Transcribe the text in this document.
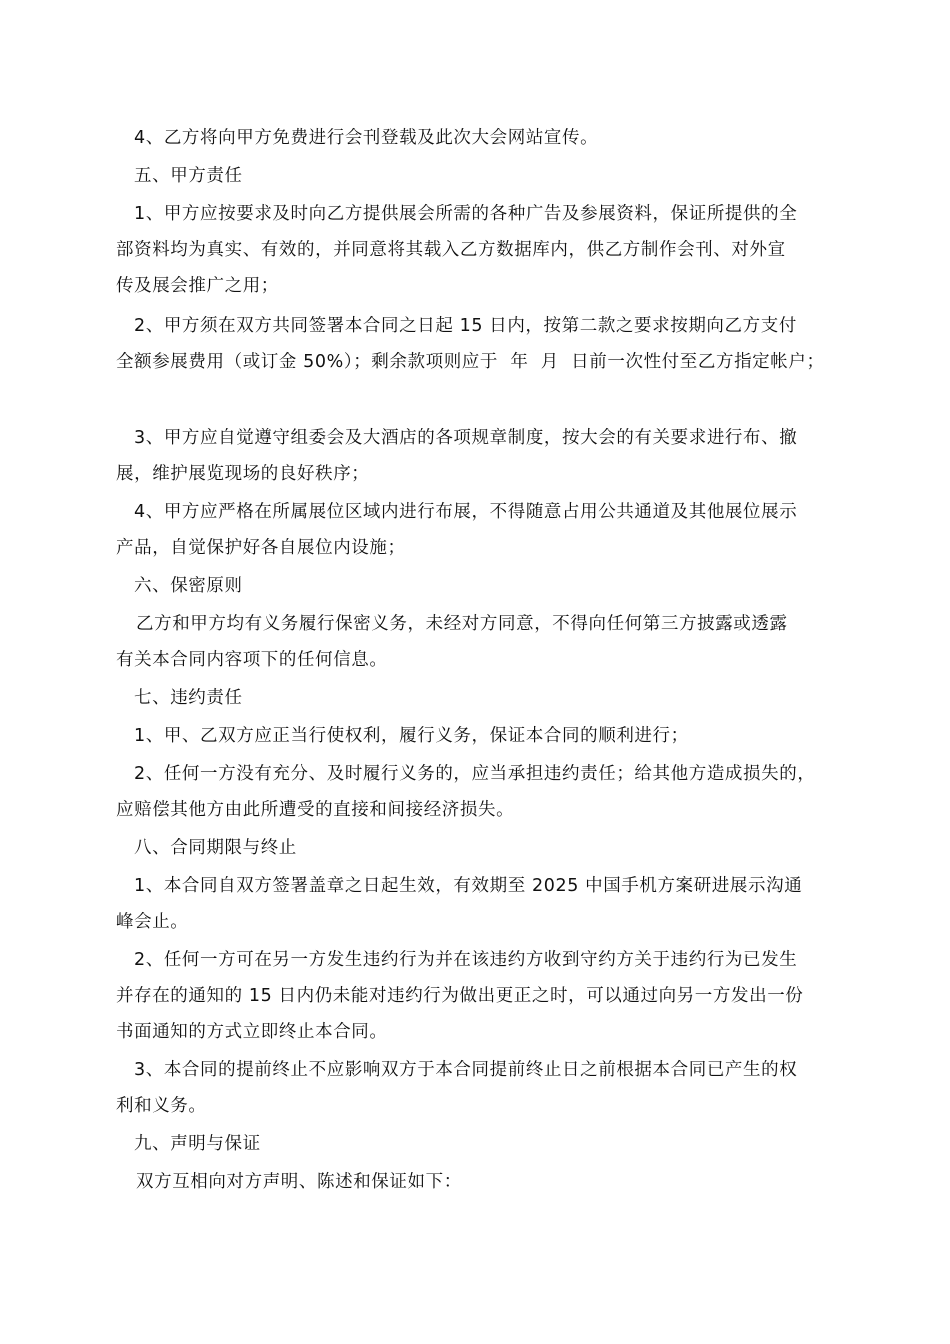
4、乙方将向甲方免费进行会刊登载及此次大会网站宣传。
五、甲方责任
1、甲方应按要求及时向乙方提供展会所需的各种广告及参展资料，保证所提供的全
部资料均为真实、有效的，并同意将其载入乙方数据库内，供乙方制作会刊、对外宣
传及展会推广之用；
2、甲方须在双方共同签署本合同之日起 15 日内，按第二款之要求按期向乙方支付
全额参展费用（或订金 50%）；剩余款项则应于  年  月  日前一次性付至乙方指定帐户；
3、甲方应自觉遵守组委会及大酒店的各项规章制度，按大会的有关要求进行布、撤
展，维护展览现场的良好秩序；
4、甲方应严格在所属展位区域内进行布展，不得随意占用公共通道及其他展位展示
产品，自觉保护好各自展位内设施；
六、保密原则
乙方和甲方均有义务履行保密义务，未经对方同意，不得向任何第三方披露或透露
有关本合同内容项下的任何信息。
七、违约责任
1、甲、乙双方应正当行使权利，履行义务，保证本合同的顺利进行；
2、任何一方没有充分、及时履行义务的，应当承担违约责任；给其他方造成损失的，
应赔偿其他方由此所遭受的直接和间接经济损失。
八、合同期限与终止
1、本合同自双方签署盖章之日起生效，有效期至 2025 中国手机方案研进展示沟通
峰会止。
2、任何一方可在另一方发生违约行为并在该违约方收到守约方关于违约行为已发生
并存在的通知的 15 日内仍未能对违约行为做出更正之时，可以通过向另一方发出一份
书面通知的方式立即终止本合同。
3、本合同的提前终止不应影响双方于本合同提前终止日之前根据本合同已产生的权
利和义务。
九、声明与保证
双方互相向对方声明、陈述和保证如下：
